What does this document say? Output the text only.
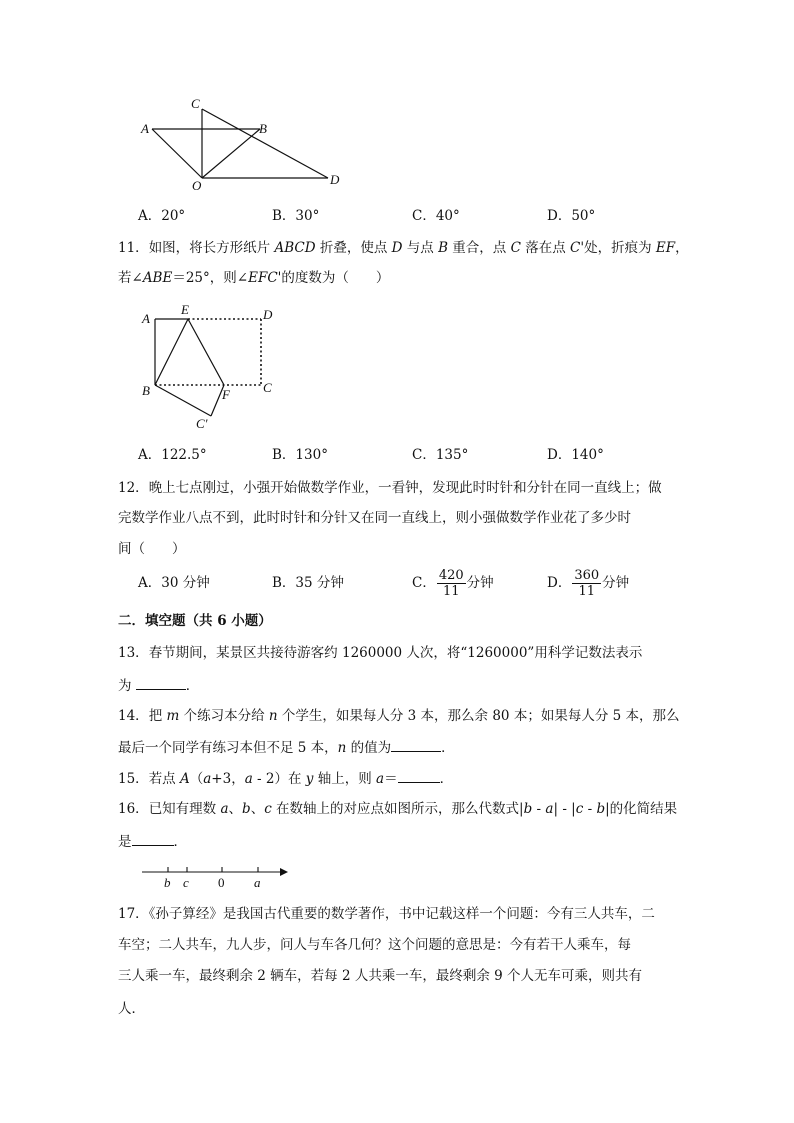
C
A	B
O	D
A．20°	B．30°	C．40°	D．50°
11．如图，将长方形纸片 ABCD 折叠，使点 D 与点 B 重合，点 C 落在点 C'处，折痕为 EF，
若∠ABE＝25°，则∠EFC'的度数为（　　）
A
E	D
B	F	C
C'
A．122.5°	B．130°	C．135°	D．140°
12．晚上七点刚过，小强开始做数学作业，一看钟，发现此时时针和分针在同一直线上；做
完数学作业八点不到，此时时针和分针又在同一直线上，则小强做数学作业花了多少时
间（　　）
A．30 分钟	B．35 分钟	C． $\frac{420}{11}$ 分钟	D． $\frac{360}{11}$ 分钟
二．填空题（共 6 小题）
13．春节期间，某景区共接待游客约 1260000 人次，将“1260000”用科学记数法表示
为	．
14．把 m 个练习本分给 n 个学生，如果每人分 3 本，那么余 80 本；如果每人分 5 本，那么
最后一个同学有练习本但不足 5 本，n 的值为	．
15．若点 A（a+3，a - 2）在 y 轴上，则 a＝	．
16．已知有理数 a、b、c 在数轴上的对应点如图所示，那么代数式|b - a| - |c - b|的化简结果
是	．
b c 0 a
17．《孙子算经》是我国古代重要的数学著作，书中记载这样一个问题：今有三人共车，二
车空；二人共车，九人步，问人与车各几何？这个问题的意思是：今有若干人乘车，每
三人乘一车，最终剩余 2 辆车，若每 2 人共乘一车，最终剩余 9 个人无车可乘，则共有
人．
